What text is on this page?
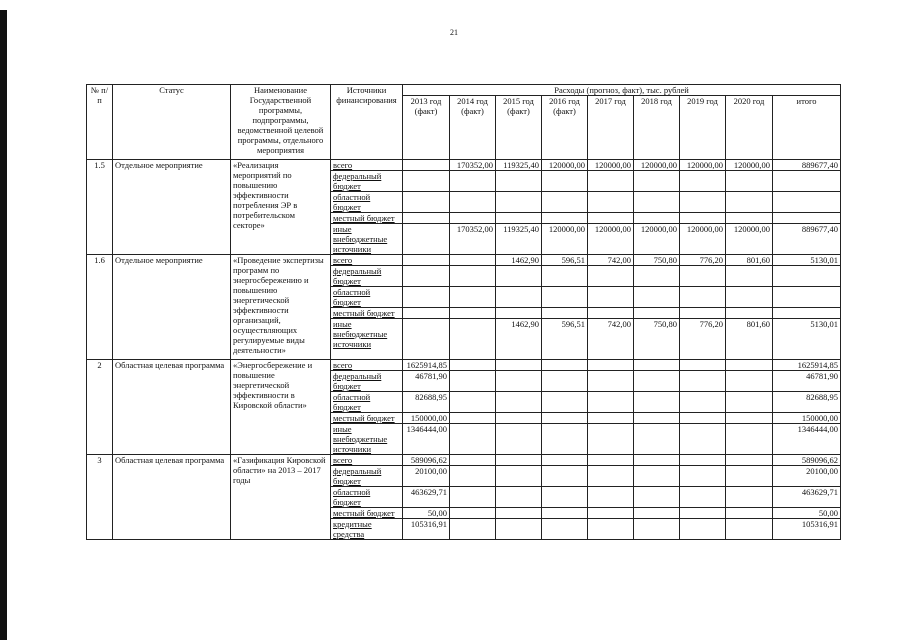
21
№ п/п	Статус	Наименование Государственной программы, подпрограммы, ведомственной целевой программы, отдельного мероприятия	Источники финансирования	Расходы (прогноз, факт), тыс. рублей								
				2013 год (факт)	2014 год (факт)	2015 год (факт)	2016 год (факт)	2017 год	2018 год	2019 год	2020 год	итого
1.5	Отдельное мероприятие	«Реализация мероприятий по повышению эффективности потребления ЭР в потребительском секторе»	всего		170352,00	119325,40	120000,00	120000,00	120000,00	120000,00	120000,00	889677,40
			федеральный бюджет									
			областной бюджет									
			местный бюджет									
			иные внебюджетные источники		170352,00	119325,40	120000,00	120000,00	120000,00	120000,00	120000,00	889677,40
1.6	Отдельное мероприятие	«Проведение экспертизы программ по энергосбережению и повышению энергетической эффективности организаций, осуществляющих регулируемые виды деятельности»	всего			1462,90	596,51	742,00	750,80	776,20	801,60	5130,01
			федеральный бюджет									
			областной бюджет									
			местный бюджет									
			иные внебюджетные источники			1462,90	596,51	742,00	750,80	776,20	801,60	5130,01
2	Областная целевая программа	«Энергосбережение и повышение энергетической эффективности в Кировской области»	всего	1625914,85								1625914,85
			федеральный бюджет	46781,90								46781,90
			областной бюджет	82688,95								82688,95
			местный бюджет	150000,00								150000,00
			иные внебюджетные источники	1346444,00								1346444,00
3	Областная целевая программа	«Газификация Кировской области» на 2013 – 2017 годы	всего	589096,62								589096,62
			федеральный бюджет	20100,00								20100,00
			областной бюджет	463629,71								463629,71
			местный бюджет	50,00								50,00
			кредитные средства	105316,91								105316,91
